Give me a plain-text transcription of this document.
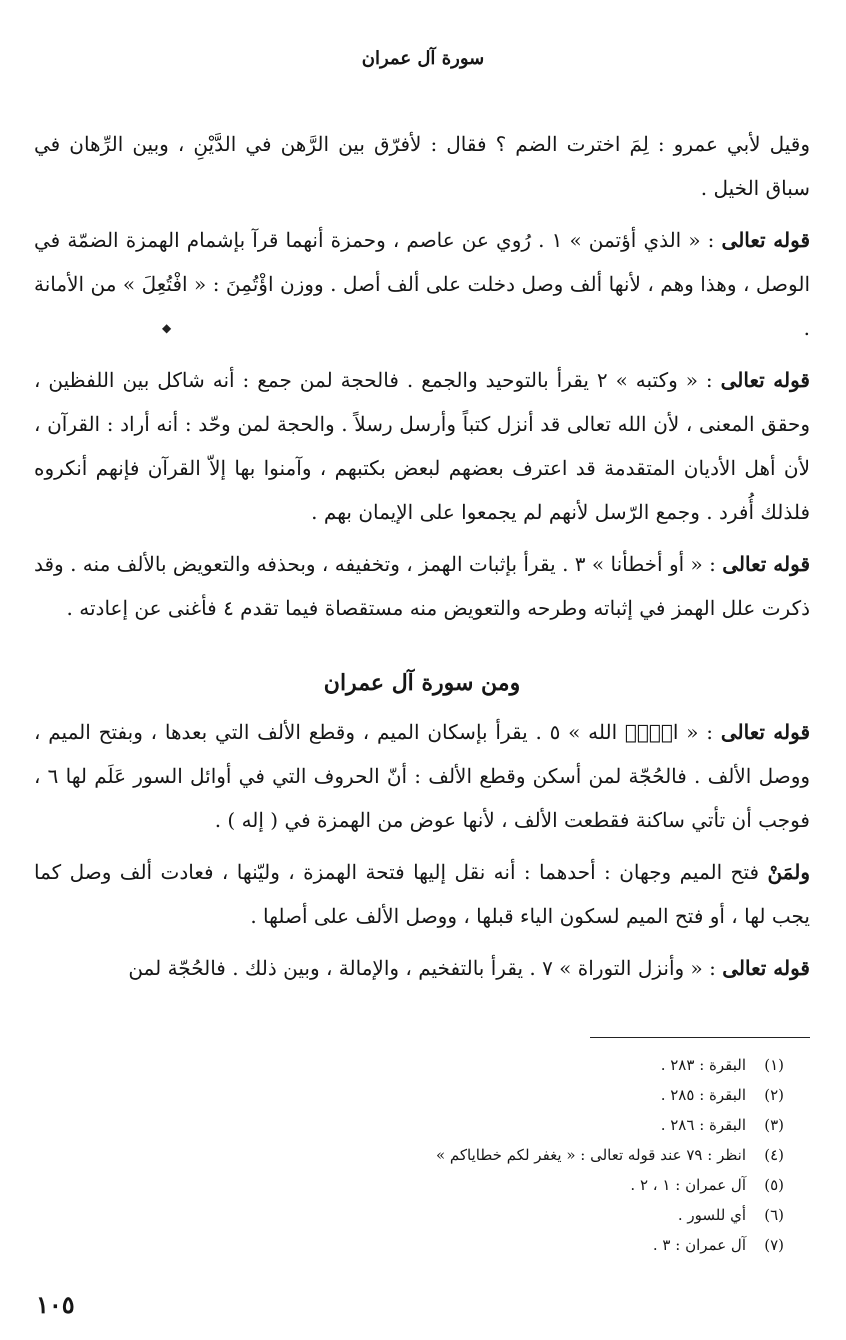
سورة آل عمران
◆

وقيل لأبي عمرو : لِمَ اخترت الضم ؟ فقال : لأفرّق بين الرَّهن في الدَّيْنِ ، وبين الرِّهان في سباق الخيل .

قوله تعالى : « الذي أؤتمن » ١ . رُوي عن عاصم ، وحمزة أنهما قرآ بإشمام الهمزة الضمّة في الوصل ، وهذا وهم ، لأنها ألف وصل دخلت على ألف أصل . ووزن اؤْتُمِنَ : « افْتُعِلَ » من الأمانة .

قوله تعالى : « وكتبه » ٢ يقرأ بالتوحيد والجمع . فالحجة لمن جمع : أنه شاكل بين اللفظين ، وحقق المعنى ، لأن الله تعالى قد أنزل كتباً وأرسل رسلاً . والحجة لمن وحّد : أنه أراد : القرآن ، لأن أهل الأديان المتقدمة قد اعترف بعضهم لبعض بكتبهم ، وآمنوا بها إلاّ القرآن فإنهم أنكروه فلذلك أُفرد . وجمع الرّسل لأنهم لم يجمعوا على الإيمان بهم .

قوله تعالى : « أو أخطأنا » ٣ . يقرأ بإثبات الهمز ، وتخفيفه ، وبحذفه والتعويض بالألف منه . وقد ذكرت علل الهمز في إثباته وطرحه والتعويض منه مستقصاة فيما تقدم ٤ فأغنى عن إعادته .

ومن سورة آل عمران

قوله تعالى : « الۤمۤ الله » ٥ . يقرأ بإسكان الميم ، وقطع الألف التي بعدها ، وبفتح الميم ، ووصل الألف . فالحُجّة لمن أسكن وقطع الألف : أنّ الحروف التي في أوائل السور عَلَم لها ٦ ، فوجب أن تأتي ساكنة فقطعت الألف ، لأنها عوض من الهمزة في ( إله ) .

ولمَنْ فتح الميم وجهان : أحدهما : أنه نقل إليها فتحة الهمزة ، وليّنها ، فعادت ألف وصل كما يجب لها ، أو فتح الميم لسكون الياء قبلها ، ووصل الألف على أصلها .

قوله تعالى : « وأنزل التوراة » ٧ . يقرأ بالتفخيم ، والإمالة ، وبين ذلك . فالحُجّة لمن

(١)
البقرة : ٢٨٣ .
(٢)
البقرة : ٢٨٥ .
(٣)
البقرة : ٢٨٦ .
(٤)
انظر : ٧٩ عند قوله تعالى : « يغفر لكم خطاياكم »
(٥)
آل عمران : ١ ، ٢ .
(٦)
أي للسور .
(٧)
آل عمران : ٣ .
١٠٥
